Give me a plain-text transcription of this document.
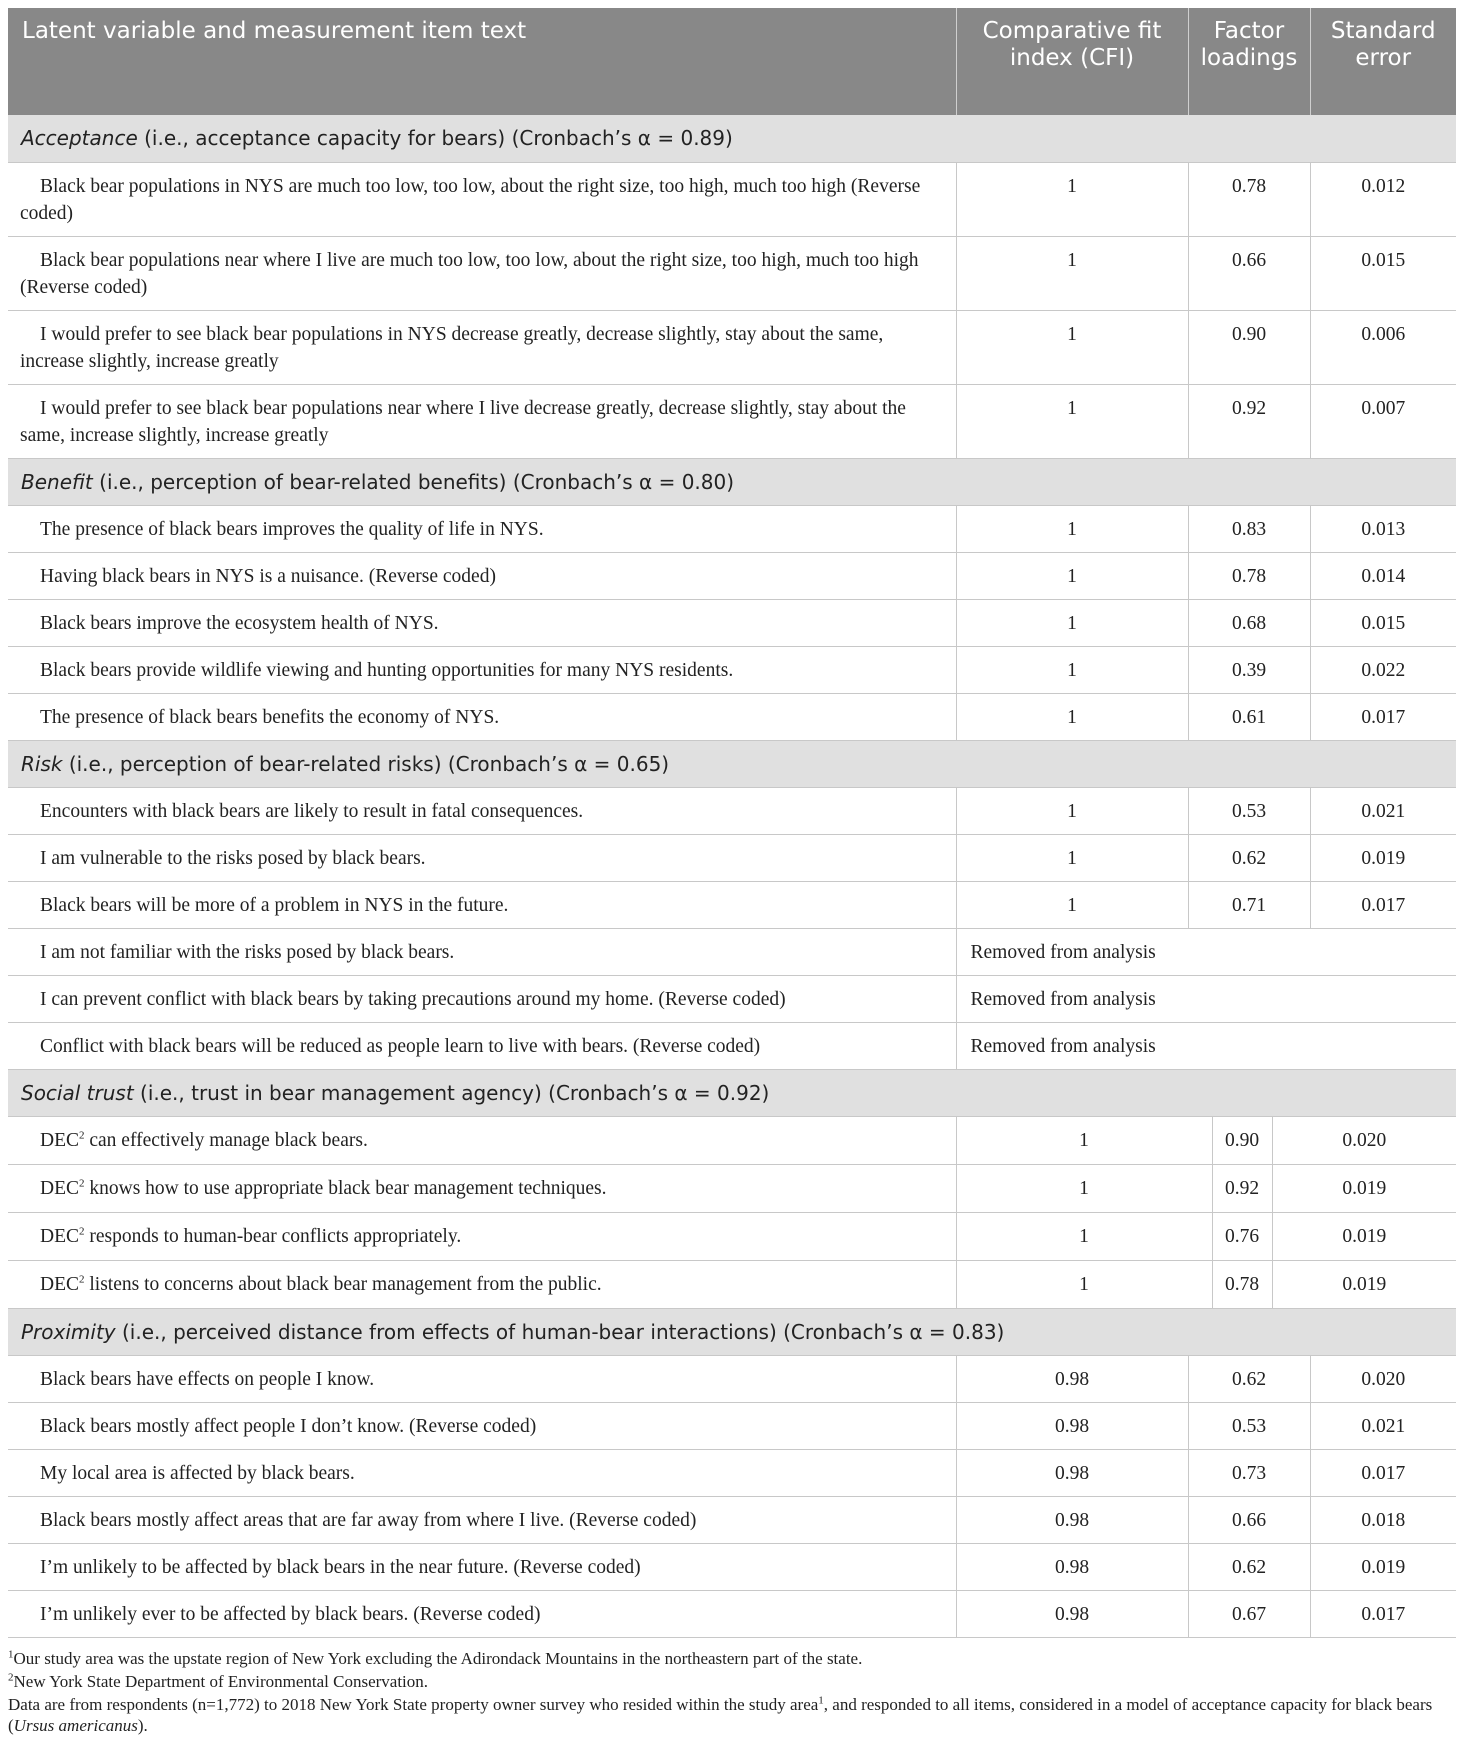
Latent variable and measurement item text	Comparative fit index (CFI)	Factor loadings	Standard error
Acceptance (i.e., acceptance capacity for bears) (Cronbach’s α = 0.89)			
Black bear populations in NYS are much too low, too low, about the right size, too high, much too high (Reverse coded)	1	0.78	0.012
Black bear populations near where I live are much too low, too low, about the right size, too high, much too high (Reverse coded)	1	0.66	0.015
I would prefer to see black bear populations in NYS decrease greatly, decrease slightly, stay about the same, increase slightly, increase greatly	1	0.90	0.006
I would prefer to see black bear populations near where I live decrease greatly, decrease slightly, stay about the same, increase slightly, increase greatly	1	0.92	0.007
Benefit (i.e., perception of bear-related benefits) (Cronbach’s α = 0.80)			
The presence of black bears improves the quality of life in NYS.	1	0.83	0.013
Having black bears in NYS is a nuisance. (Reverse coded)	1	0.78	0.014
Black bears improve the ecosystem health of NYS.	1	0.68	0.015
Black bears provide wildlife viewing and hunting opportunities for many NYS residents.	1	0.39	0.022
The presence of black bears benefits the economy of NYS.	1	0.61	0.017
Risk (i.e., perception of bear-related risks) (Cronbach’s α = 0.65)			
Encounters with black bears are likely to result in fatal consequences.	1	0.53	0.021
I am vulnerable to the risks posed by black bears.	1	0.62	0.019
Black bears will be more of a problem in NYS in the future.	1	0.71	0.017
I am not familiar with the risks posed by black bears.	Removed from analysis		
I can prevent conflict with black bears by taking precautions around my home. (Reverse coded)	Removed from analysis		
Conflict with black bears will be reduced as people learn to live with bears. (Reverse coded)	Removed from analysis		
Social trust (i.e., trust in bear management agency) (Cronbach’s α = 0.92)			
DEC$^2$ can effectively manage black bears.	1 0.90 0.020		

DEC$^2$ knows how to use appropriate black bear management techniques.	1 0.92 0.019		

DEC$^2$ responds to human-bear conflicts appropriately.	1 0.76 0.019		

DEC$^2$ listens to concerns about black bear management from the public.	1 0.78 0.019		

Proximity (i.e., perceived distance from effects of human-bear interactions) (Cronbach’s α = 0.83)			
Black bears have effects on people I know.	0.98	0.62	0.020
Black bears mostly affect people I don’t know. (Reverse coded)	0.98	0.53	0.021
My local area is affected by black bears.	0.98	0.73	0.017
Black bears mostly affect areas that are far away from where I live. (Reverse coded)	0.98	0.66	0.018
I’m unlikely to be affected by black bears in the near future. (Reverse coded)	0.98	0.62	0.019
I’m unlikely ever to be affected by black bears. (Reverse coded)	0.98	0.67	0.017

$^1$Our study area was the upstate region of New York excluding the Adirondack Mountains in the northeastern part of the state.

$^2$New York State Department of Environmental Conservation.

Data are from respondents (n=1,772) to 2018 New York State property owner survey who resided within the study area$^1$, and responded to all items, considered in a model of acceptance capacity for black bears (Ursus americanus).
